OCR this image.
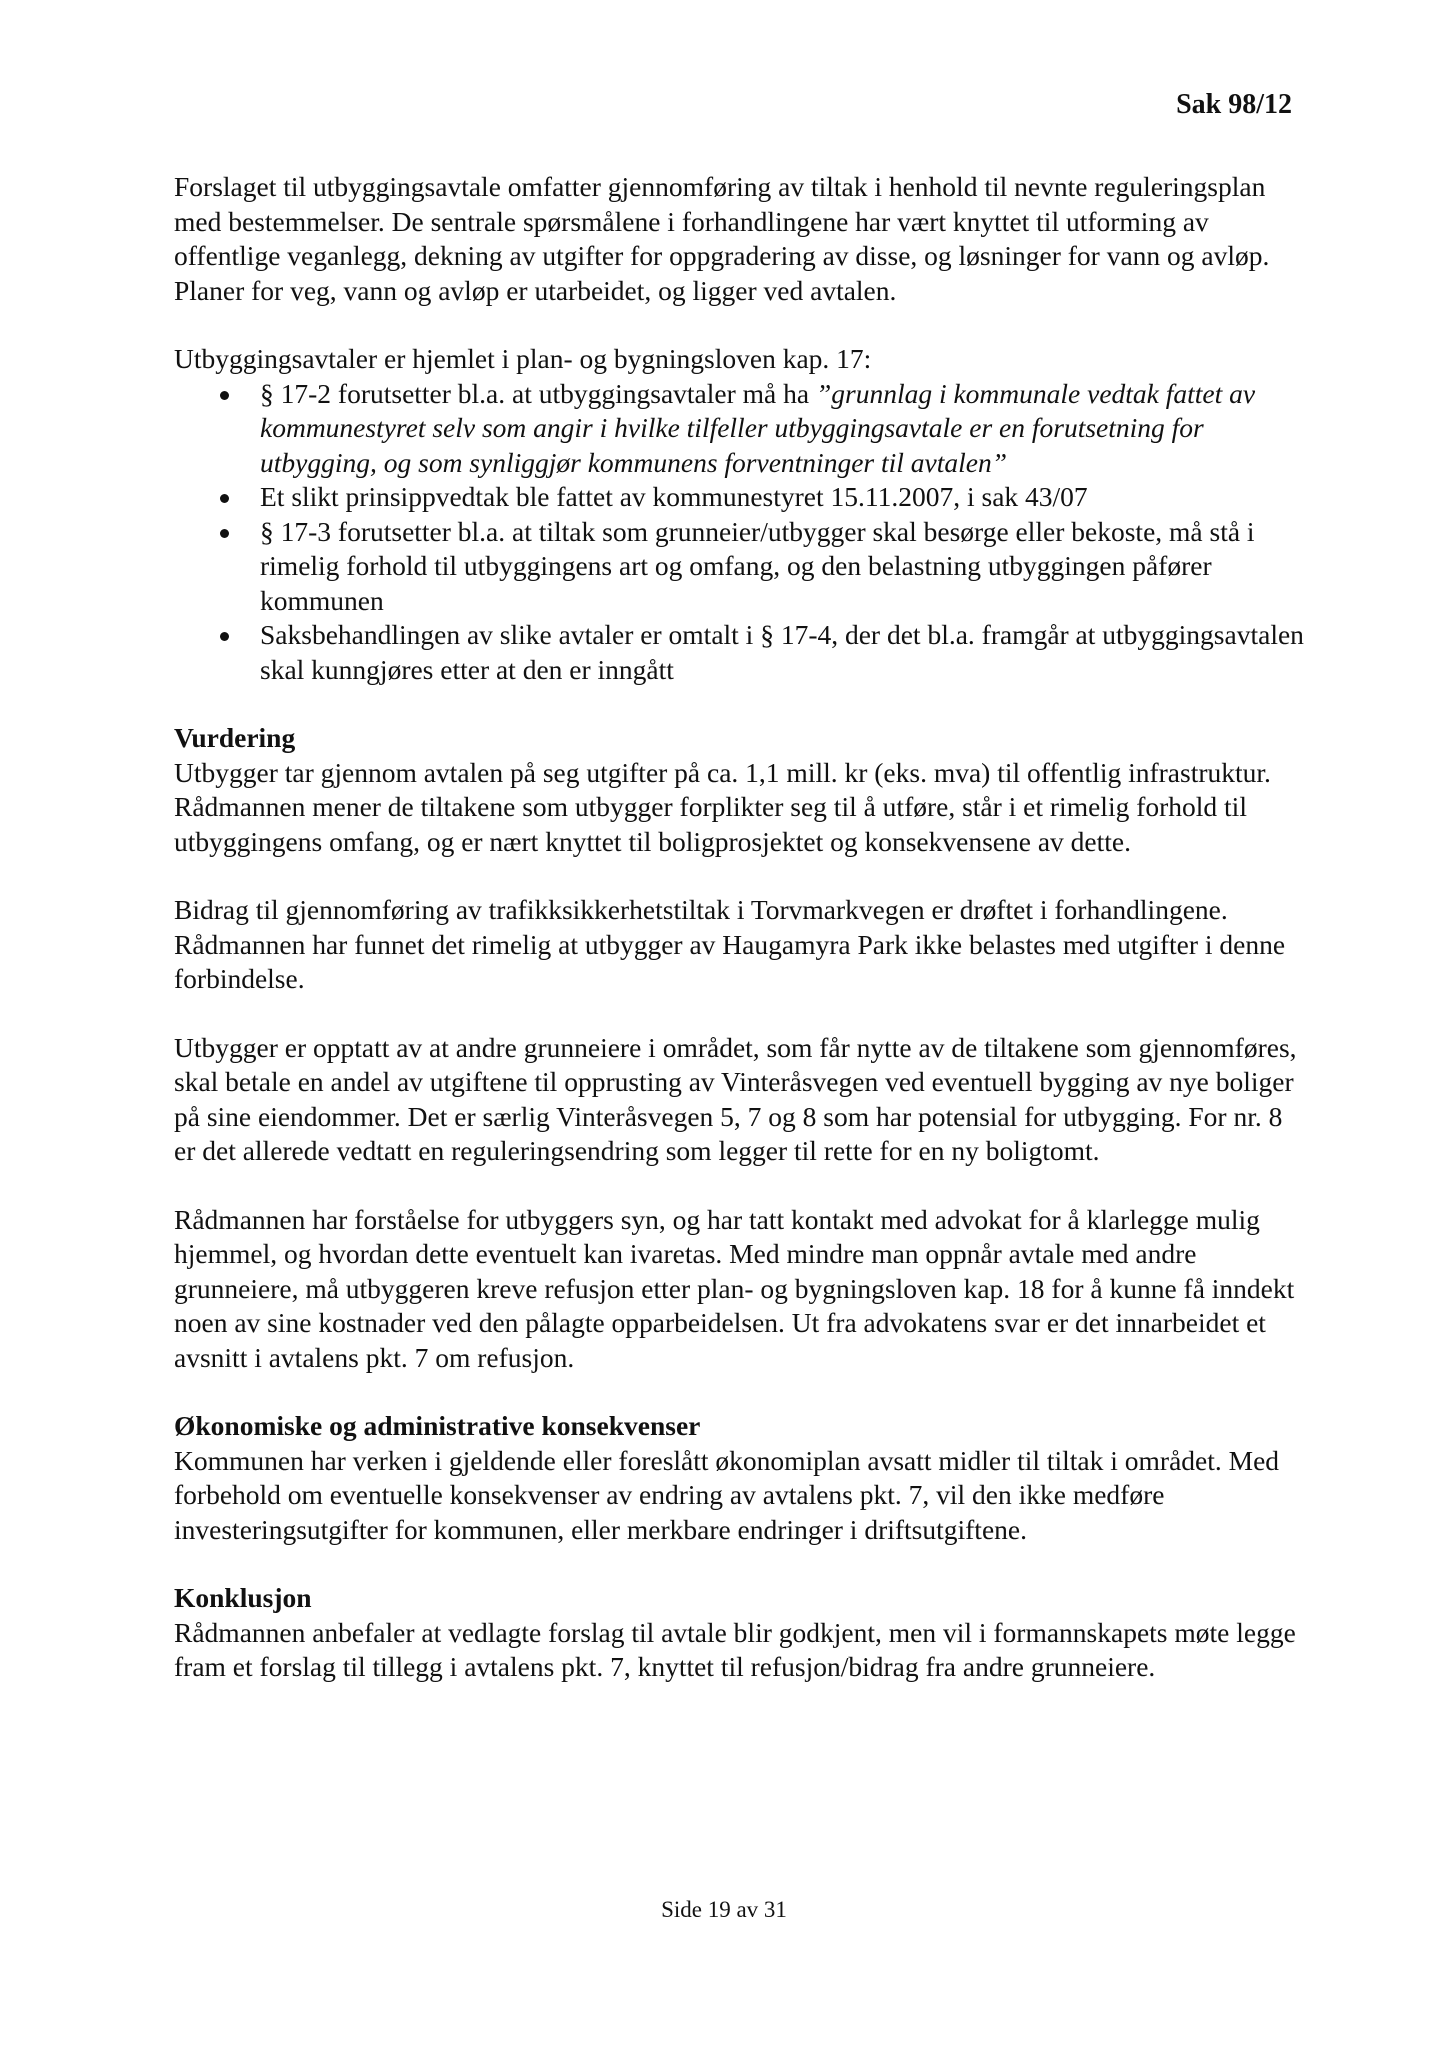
Sak 98/12

Forslaget til utbyggingsavtale omfatter gjennomføring av tiltak i henhold til nevnte reguleringsplan med bestemmelser. De sentrale spørsmålene i forhandlingene har vært knyttet til utforming av offentlige veganlegg, dekning av utgifter for oppgradering av disse, og løsninger for vann og avløp. Planer for veg, vann og avløp er utarbeidet, og ligger ved avtalen.

Utbyggingsavtaler er hjemlet i plan- og bygningsloven kap. 17:

§ 17-2 forutsetter bl.a. at utbyggingsavtaler må ha ”grunnlag i kommunale vedtak fattet av kommunestyret selv som angir i hvilke tilfeller utbyggingsavtale er en forutsetning for utbygging, og som synliggjør kommunens forventninger til avtalen”
Et slikt prinsippvedtak ble fattet av kommunestyret 15.11.2007, i sak 43/07
§ 17-3 forutsetter bl.a. at tiltak som grunneier/utbygger skal besørge eller bekoste, må stå i rimelig forhold til utbyggingens art og omfang, og den belastning utbyggingen påfører kommunen
Saksbehandlingen av slike avtaler er omtalt i § 17-4, der det bl.a. framgår at utbyggingsavtalen skal kunngjøres etter at den er inngått

Vurdering

Utbygger tar gjennom avtalen på seg utgifter på ca. 1,1 mill. kr (eks. mva) til offentlig infrastruktur. Rådmannen mener de tiltakene som utbygger forplikter seg til å utføre, står i et rimelig forhold til utbyggingens omfang, og er nært knyttet til boligprosjektet og konsekvensene av dette.

Bidrag til gjennomføring av trafikksikkerhetstiltak i Torvmarkvegen er drøftet i forhandlingene. Rådmannen har funnet det rimelig at utbygger av Haugamyra Park ikke belastes med utgifter i denne forbindelse.

Utbygger er opptatt av at andre grunneiere i området, som får nytte av de tiltakene som gjennomføres, skal betale en andel av utgiftene til opprusting av Vinteråsvegen ved eventuell bygging av nye boliger på sine eiendommer. Det er særlig Vinteråsvegen 5, 7 og 8 som har potensial for utbygging. For nr. 8 er det allerede vedtatt en reguleringsendring som legger til rette for en ny boligtomt.

Rådmannen har forståelse for utbyggers syn, og har tatt kontakt med advokat for å klarlegge mulig hjemmel, og hvordan dette eventuelt kan ivaretas. Med mindre man oppnår avtale med andre grunneiere, må utbyggeren kreve refusjon etter plan- og bygningsloven kap. 18 for å kunne få inndekt noen av sine kostnader ved den pålagte opparbeidelsen. Ut fra advokatens svar er det innarbeidet et avsnitt i avtalens pkt. 7 om refusjon.

Økonomiske og administrative konsekvenser

Kommunen har verken i gjeldende eller foreslått økonomiplan avsatt midler til tiltak i området. Med forbehold om eventuelle konsekvenser av endring av avtalens pkt. 7, vil den ikke medføre investeringsutgifter for kommunen, eller merkbare endringer i driftsutgiftene.

Konklusjon

Rådmannen anbefaler at vedlagte forslag til avtale blir godkjent, men vil i formannskapets møte legge fram et forslag til tillegg i avtalens pkt. 7, knyttet til refusjon/bidrag fra andre grunneiere.

Side 19 av 31
